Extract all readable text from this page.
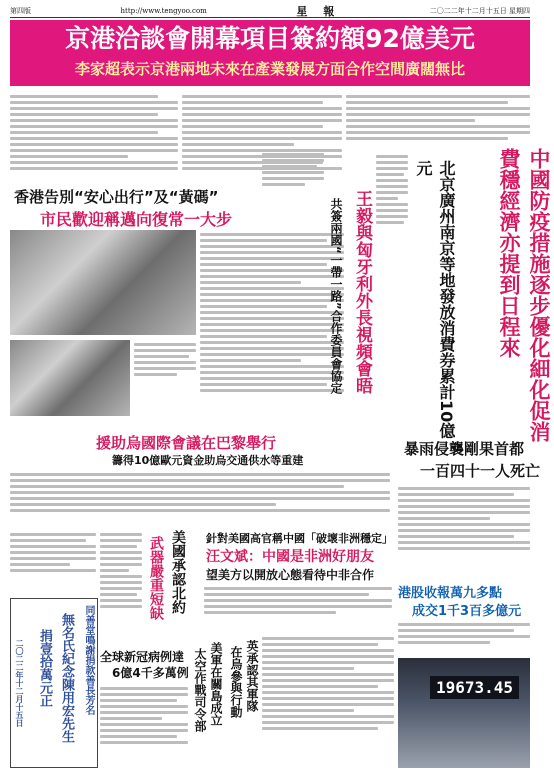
第四版	http://www.tengyoo.com	星 報	二〇二二年十二月十五日 星期四
京港洽談會開幕項目簽約額92億美元
李家超表示京港兩地未來在產業發展方面合作空間廣闊無比
香港告別“安心出行”及“黃碼”
市民歡迎稱邁向復常一大步	王毅與匈牙利外長視頻會晤
共簽兩國“一帶一路”合作委員會協定	中國防疫措施逐步優化細化促消費穩經濟亦提到日程來
北京廣州南京等地發放消費券累計10億元
援助烏國際會議在巴黎舉行
籌得10億歐元資金助烏交通供水等重建
暴雨侵襲剛果首都
一百四十一人死亡
針對美國高官稱中國「破壞非洲穩定」
汪文斌：中國是非洲好朋友
望美方以開放心態看待中非合作
美國承認北約
武器嚴重短缺	港股收報萬九多點
成交1千3百多億元
19673.45
全球新冠病例達
6億4千多萬例 美軍在關島成立
太空作戰司令部	英承認其軍隊
在烏參與行動
同善堂鳴謝捐款善長芳名
無名氏紀念陳用宏先生
捐壹拾萬元正
二〇二二年十二月十五日
